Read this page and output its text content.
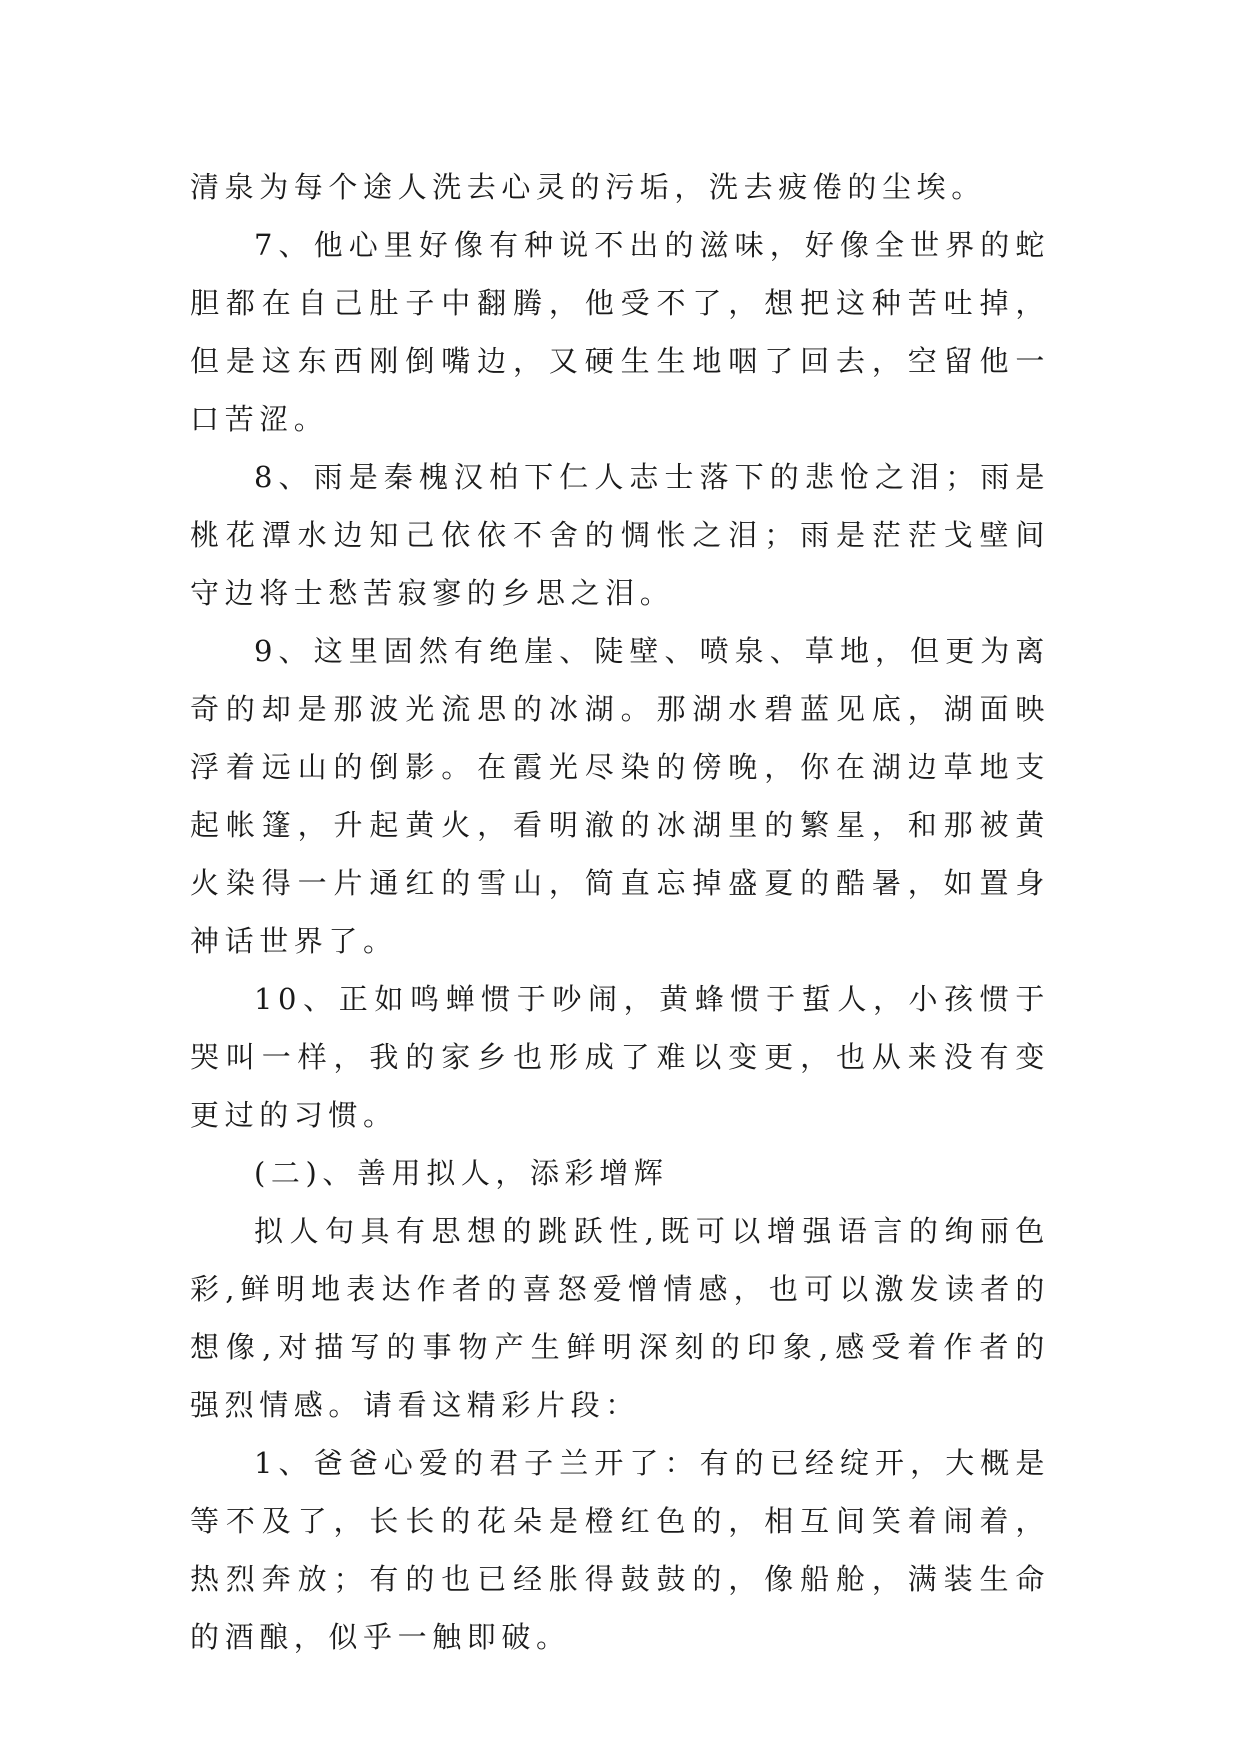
清泉为每个途人洗去心灵的污垢，洗去疲倦的尘埃。

7、他心里好像有种说不出的滋味，好像全世界的蛇胆都在自己肚子中翻腾，他受不了，想把这种苦吐掉，但是这东西刚倒嘴边，又硬生生地咽了回去，空留他一口苦涩。

8、雨是秦槐汉柏下仁人志士落下的悲怆之泪；雨是桃花潭水边知己依依不舍的惆怅之泪；雨是茫茫戈壁间守边将士愁苦寂寥的乡思之泪。

9、这里固然有绝崖、陡壁、喷泉、草地，但更为离奇的却是那波光流思的冰湖。那湖水碧蓝见底，湖面映浮着远山的倒影。在霞光尽染的傍晚，你在湖边草地支起帐篷，升起黄火，看明澈的冰湖里的繁星，和那被黄火染得一片通红的雪山，简直忘掉盛夏的酷暑，如置身神话世界了。

10、正如鸣蝉惯于吵闹，黄蜂惯于蜇人，小孩惯于哭叫一样，我的家乡也形成了难以变更，也从来没有变更过的习惯。

(二)、善用拟人，添彩增辉

拟人句具有思想的跳跃性,既可以增强语言的绚丽色彩,鲜明地表达作者的喜怒爱憎情感，也可以激发读者的想像,对描写的事物产生鲜明深刻的印象,感受着作者的强烈情感。请看这精彩片段：

1、爸爸心爱的君子兰开了：有的已经绽开，大概是等不及了，长长的花朵是橙红色的，相互间笑着闹着，热烈奔放；有的也已经胀得鼓鼓的，像船舱，满装生命的酒酿，似乎一触即破。
